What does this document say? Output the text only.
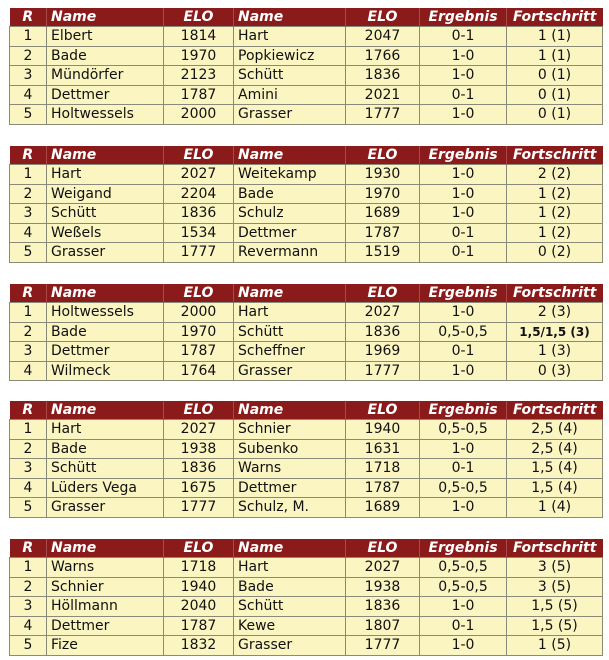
R	Name	ELO	Name	ELO	Ergebnis	Fortschritt
1	Elbert	1814	Hart	2047	0-1	1 (1)
2	Bade	1970	Popkiewicz	1766	1-0	1 (1)
3	Mündörfer	2123	Schütt	1836	1-0	0 (1)
4	Dettmer	1787	Amini	2021	0-1	0 (1)
5	Holtwessels	2000	Grasser	1777	1-0	0 (1)
R	Name	ELO	Name	ELO	Ergebnis	Fortschritt
1	Hart	2027	Weitekamp	1930	1-0	2 (2)
2	Weigand	2204	Bade	1970	1-0	1 (2)
3	Schütt	1836	Schulz	1689	1-0	1 (2)
4	Weßels	1534	Dettmer	1787	0-1	1 (2)
5	Grasser	1777	Revermann	1519	0-1	0 (2)
R	Name	ELO	Name	ELO	Ergebnis	Fortschritt
1	Holtwessels	2000	Hart	2027	1-0	2 (3)
2	Bade	1970	Schütt	1836	0,5-0,5	1,5/1,5 (3)
3	Dettmer	1787	Scheffner	1969	0-1	1 (3)
4	Wilmeck	1764	Grasser	1777	1-0	0 (3)
R	Name	ELO	Name	ELO	Ergebnis	Fortschritt
1	Hart	2027	Schnier	1940	0,5-0,5	2,5 (4)
2	Bade	1938	Subenko	1631	1-0	2,5 (4)
3	Schütt	1836	Warns	1718	0-1	1,5 (4)
4	Lüders Vega	1675	Dettmer	1787	0,5-0,5	1,5 (4)
5	Grasser	1777	Schulz, M.	1689	1-0	1 (4)
R	Name	ELO	Name	ELO	Ergebnis	Fortschritt
1	Warns	1718	Hart	2027	0,5-0,5	3 (5)
2	Schnier	1940	Bade	1938	0,5-0,5	3 (5)
3	Höllmann	2040	Schütt	1836	1-0	1,5 (5)
4	Dettmer	1787	Kewe	1807	0-1	1,5 (5)
5	Fize	1832	Grasser	1777	1-0	1 (5)
